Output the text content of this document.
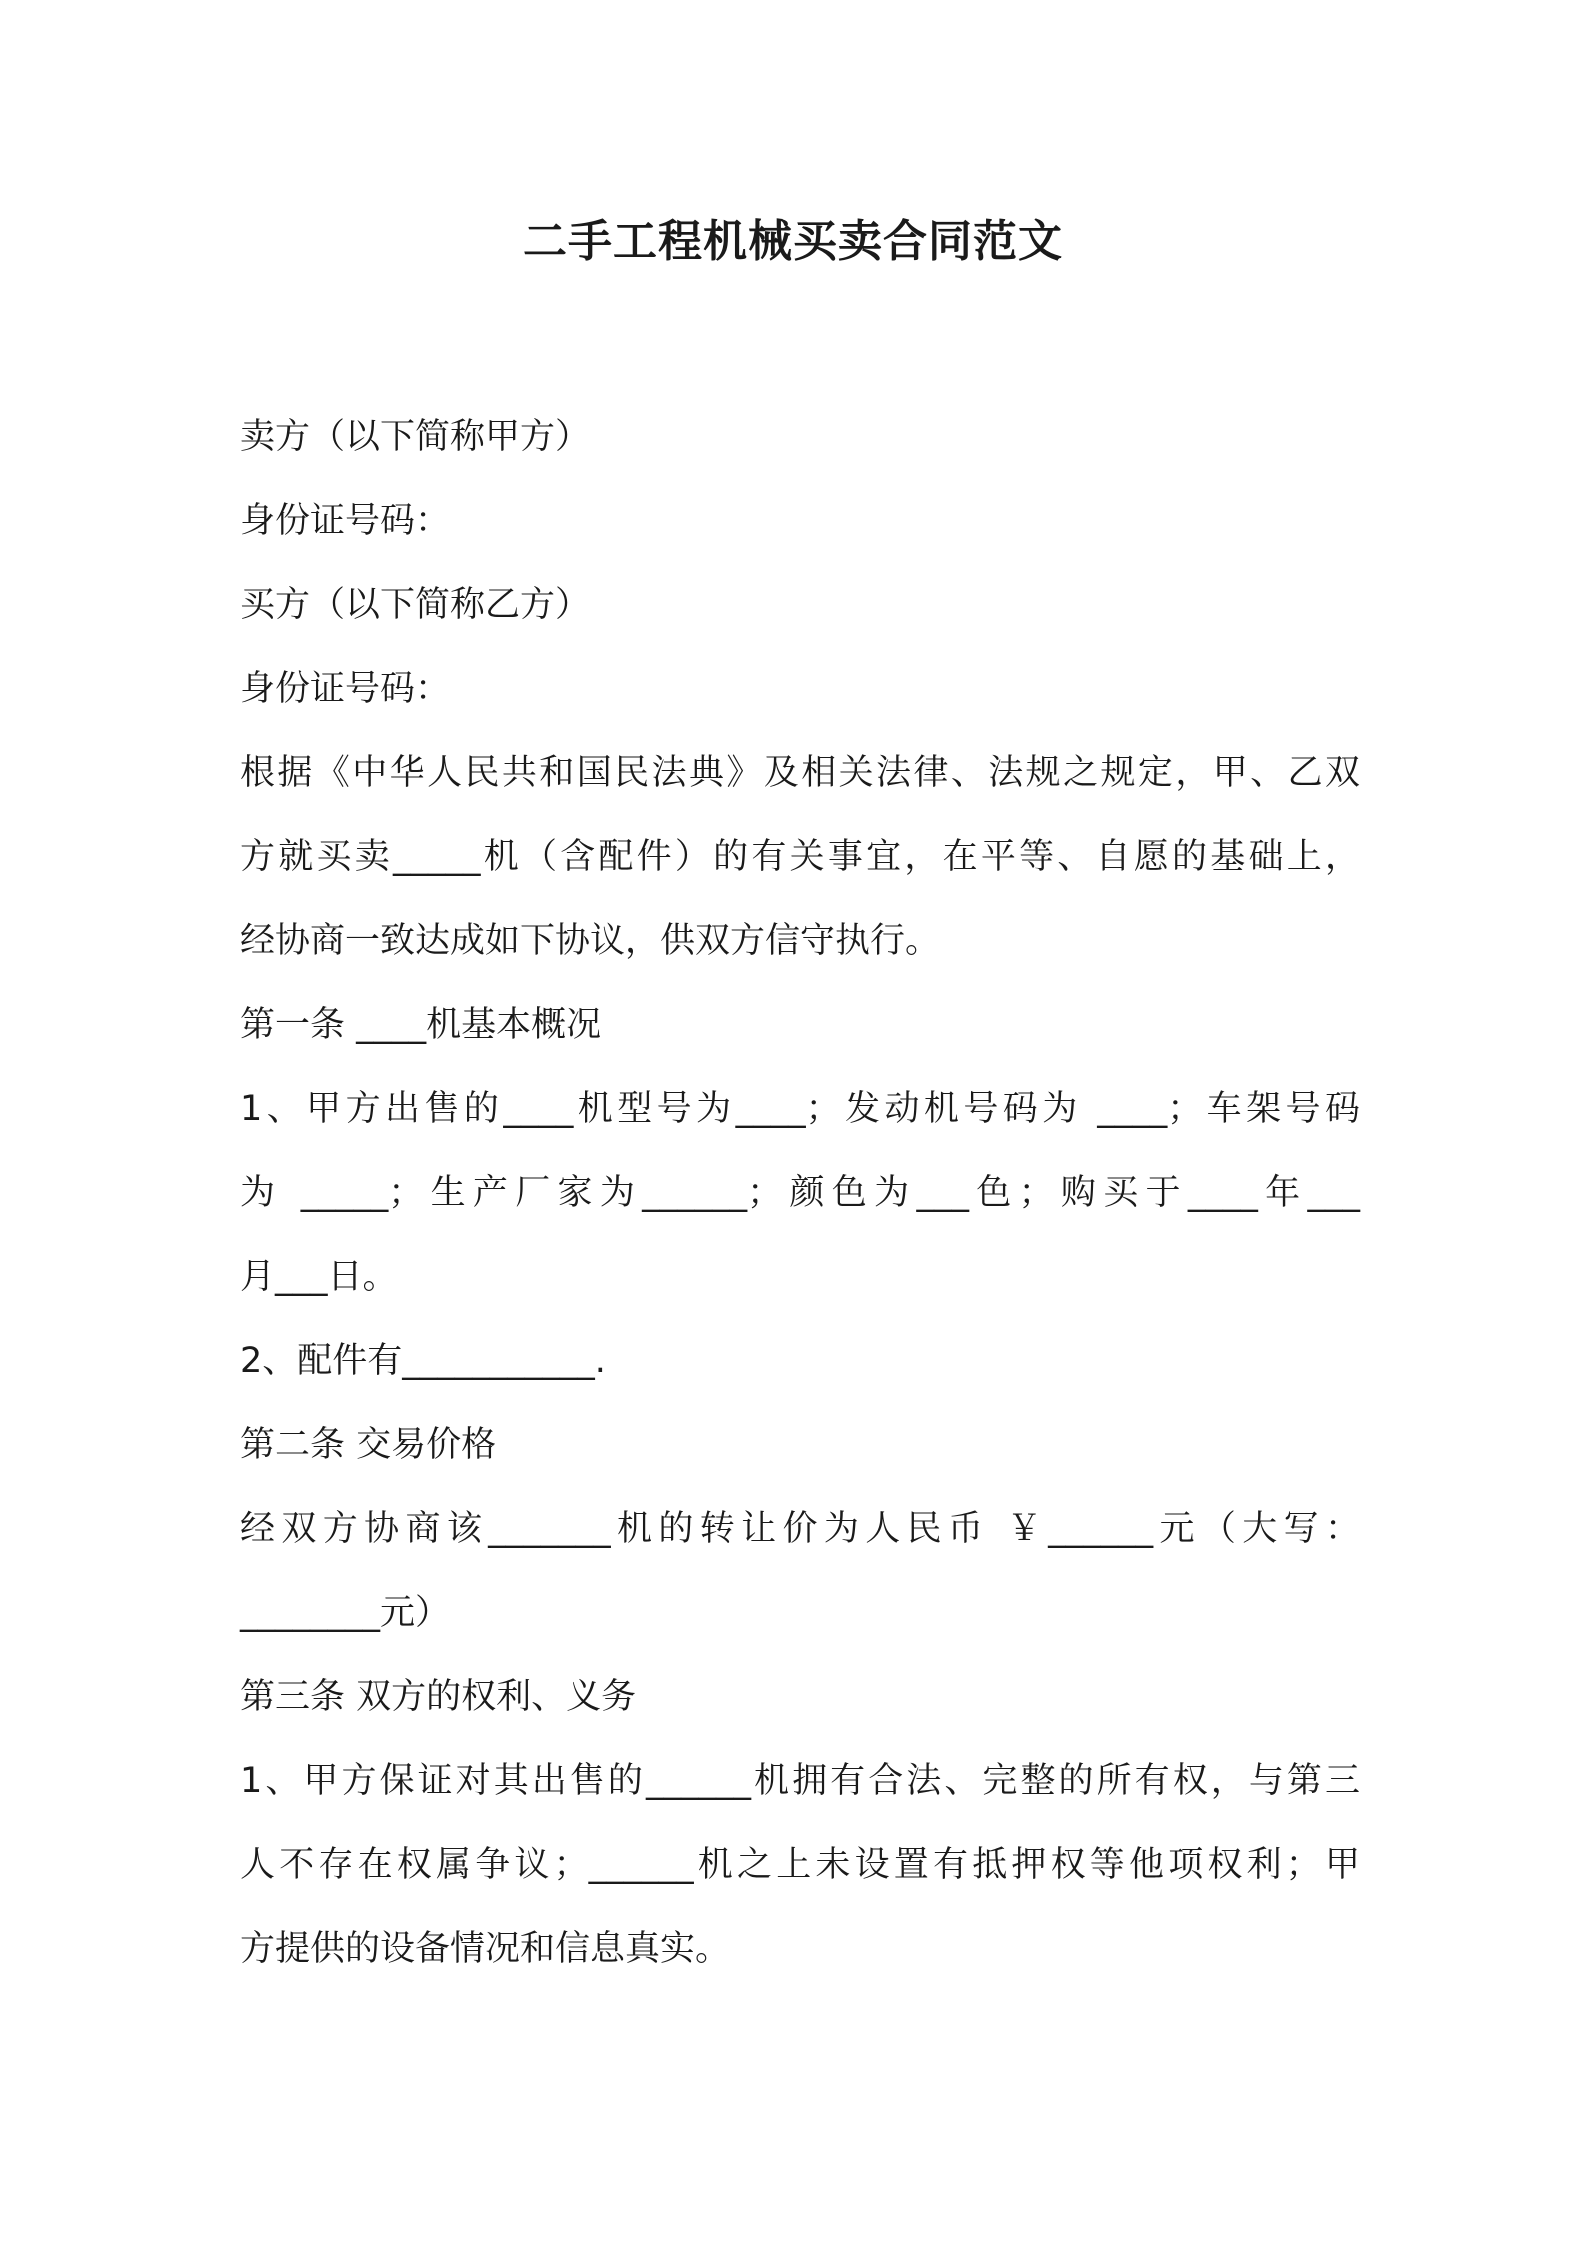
二手工程机械买卖合同范文

卖方（以下简称甲方）

身份证号码：

买方（以下简称乙方）

身份证号码：

根据《中华人民共和国民法典》及相关法律、法规之规定，甲、乙双

方就买卖_____机（含配件）的有关事宜，在平等、自愿的基础上，

经协商一致达成如下协议，供双方信守执行。

第一条 ____机基本概况

1、甲方出售的____机型号为____；发动机号码为 ____；车架号码

为 _____；生产厂家为______；颜色为___色；购买于____年___

月___日。

2、配件有___________.

第二条 交易价格

经双方协商该_______机的转让价为人民币 ￥______元（大写：

________元）

第三条 双方的权利、义务

1、甲方保证对其出售的______机拥有合法、完整的所有权，与第三

人不存在权属争议；______机之上未设置有抵押权等他项权利；甲

方提供的设备情况和信息真实。
